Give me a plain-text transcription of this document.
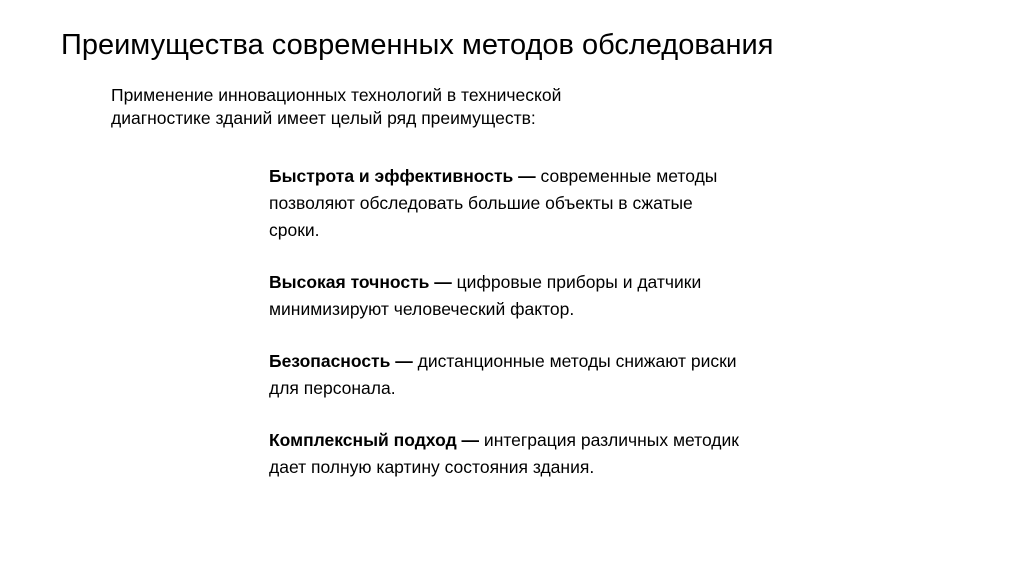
Преимущества современных методов обследования
Применение инновационных технологий в технической диагностике зданий имеет целый ряд преимуществ:
Быстрота и эффективность — современные методы позволяют обследовать большие объекты в сжатые сроки.
Высокая точность — цифровые приборы и датчики минимизируют человеческий фактор.
Безопасность — дистанционные методы снижают риски для персонала.
Комплексный подход — интеграция различных методик дает полную картину состояния здания.
